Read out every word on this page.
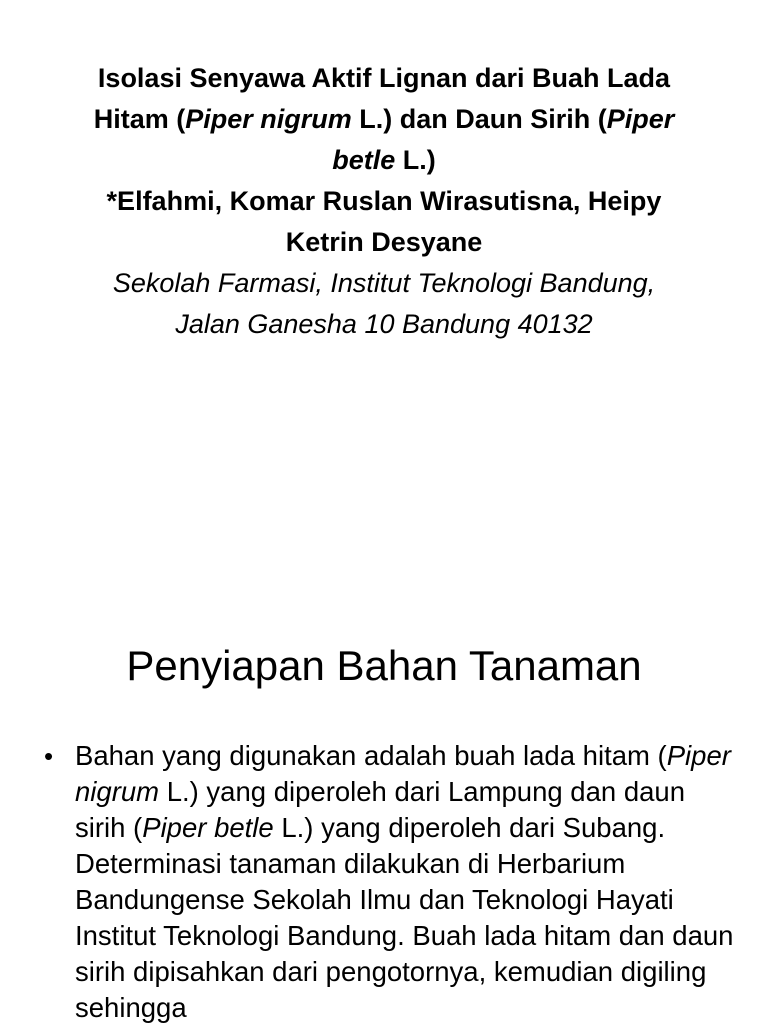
Isolasi Senyawa Aktif Lignan dari Buah Lada
Hitam (Piper nigrum L.) dan Daun Sirih (Piper
betle L.)
*Elfahmi, Komar Ruslan Wirasutisna, Heipy
Ketrin Desyane
Sekolah Farmasi, Institut Teknologi Bandung,
Jalan Ganesha 10 Bandung 40132
Penyiapan Bahan Tanaman
• Bahan yang digunakan adalah buah lada hitam (Piper nigrum L.) yang diperoleh dari Lampung dan daun sirih (Piper betle L.) yang diperoleh dari Subang. Determinasi tanaman dilakukan di Herbarium Bandungense Sekolah Ilmu dan Teknologi Hayati Institut Teknologi Bandung. Buah lada hitam dan daun sirih dipisahkan dari pengotornya, kemudian digiling sehingga
